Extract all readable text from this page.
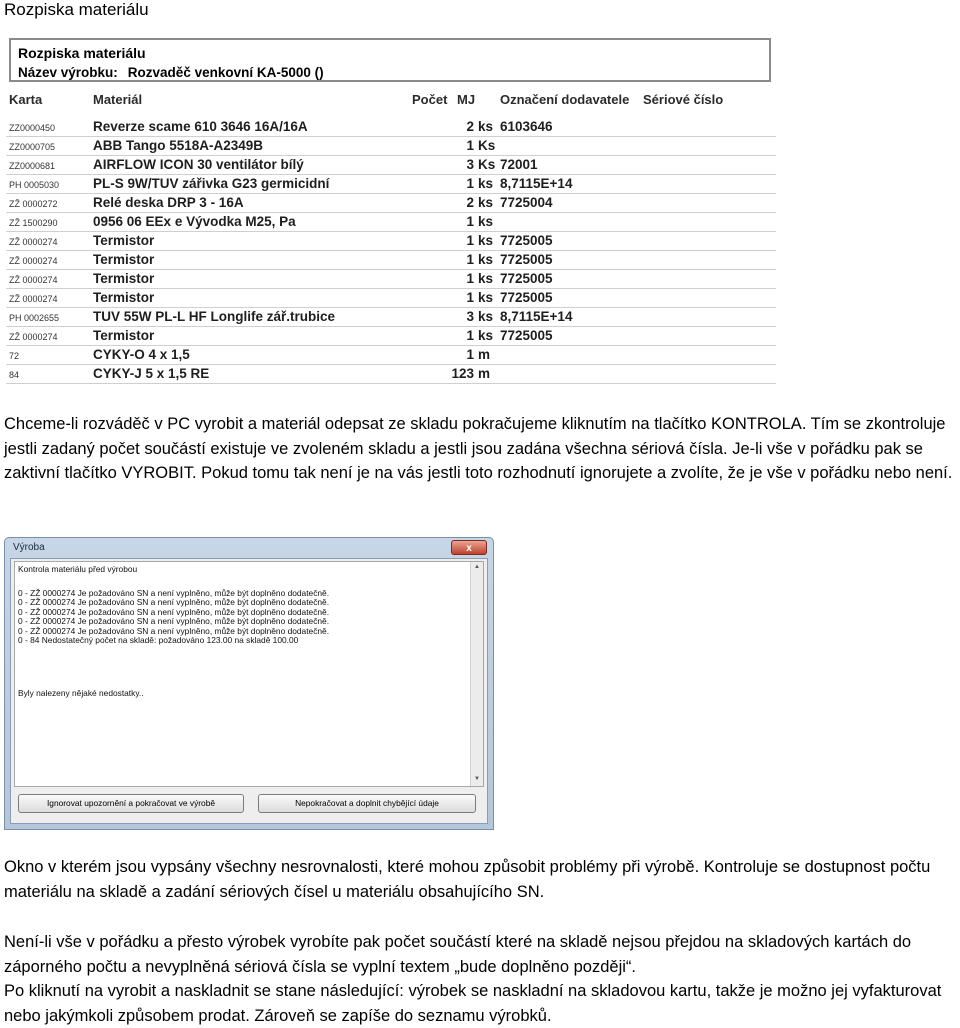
Rozpiska materiálu
Rozpiska materiálu
Název výrobku: Rozvaděč venkovní KA-5000 ()
Karta	Materiál	Počet MJ Označení dodavatele Sériové číslo
ZZ0000450	Reverze scame 610 3646 16A/16A	2 ks 6103646
ZZ0000705	ABB Tango 5518A-A2349B	1 Ks
ZZ0000681	AIRFLOW ICON 30 ventilátor bílý	3 Ks 72001
PH 0005030	PL-S 9W/TUV zářivka G23 germicidní	1 ks 8,7115E+14
ZŽ 0000272	Relé deska DRP 3 - 16A	2 ks 7725004
ZŽ 1500290	0956 06 EEx e Vývodka M25, Pa	1 ks
ZŽ 0000274	Termistor	1 ks 7725005
ZŽ 0000274	Termistor	1 ks 7725005
ZŽ 0000274	Termistor	1 ks 7725005
ZŽ 0000274	Termistor	1 ks 7725005
PH 0002655	TUV 55W PL-L HF Longlife zář.trubice	3 ks 8,7115E+14
ZŽ 0000274	Termistor	1 ks 7725005
72	CYKY-O 4 x 1,5	1 m
84	CYKY-J 5 x 1,5 RE	123 m
Chceme-li rozváděč v PC vyrobit a materiál odepsat ze skladu pokračujeme kliknutím na tlačítko KONTROLA. Tím se zkontroluje jestli zadaný počet součástí existuje ve zvoleném skladu a jestli jsou zadána všechna sériová čísla. Je-li vše v pořádku pak se zaktivní tlačítko VYROBIT. Pokud tomu tak není je na vás jestli toto rozhodnutí ignorujete a zvolíte, že je vše v pořádku nebo není.
Výroba	x
Kontrola materiálu před výrobou
0 - ZŽ 0000274 Je požadováno SN a není vyplněno, může být doplněno dodatečně.
0 - ZŽ 0000274 Je požadováno SN a není vyplněno, může být doplněno dodatečně.
0 - ZŽ 0000274 Je požadováno SN a není vyplněno, může být doplněno dodatečně.
0 - ZŽ 0000274 Je požadováno SN a není vyplněno, může být doplněno dodatečně.
0 - ZŽ 0000274 Je požadováno SN a není vyplněno, může být doplněno dodatečně.
0 - 84 Nedostatečný počet na skladě: požadováno 123.00 na skladě 100.00
Byly nalezeny nějaké nedostatky..
▲
▼
Ignorovat upozornění a pokračovat ve výrobě	Nepokračovat a doplnit chybějící údaje
Okno v kterém jsou vypsány všechny nesrovnalosti, které mohou způsobit problémy při výrobě. Kontroluje se dostupnost počtu materiálu na skladě a zadání sériových čísel u materiálu obsahujícího SN.
Není-li vše v pořádku a přesto výrobek vyrobíte pak počet součástí které na skladě nejsou přejdou na skladových kartách do záporného počtu a nevyplněná sériová čísla se vyplní textem „bude doplněno později“.
Po kliknutí na vyrobit a naskladnit se stane následující: výrobek se naskladní na skladovou kartu, takže je možno jej vyfakturovat nebo jakýmkoli způsobem prodat. Zároveň se zapíše do seznamu výrobků.
